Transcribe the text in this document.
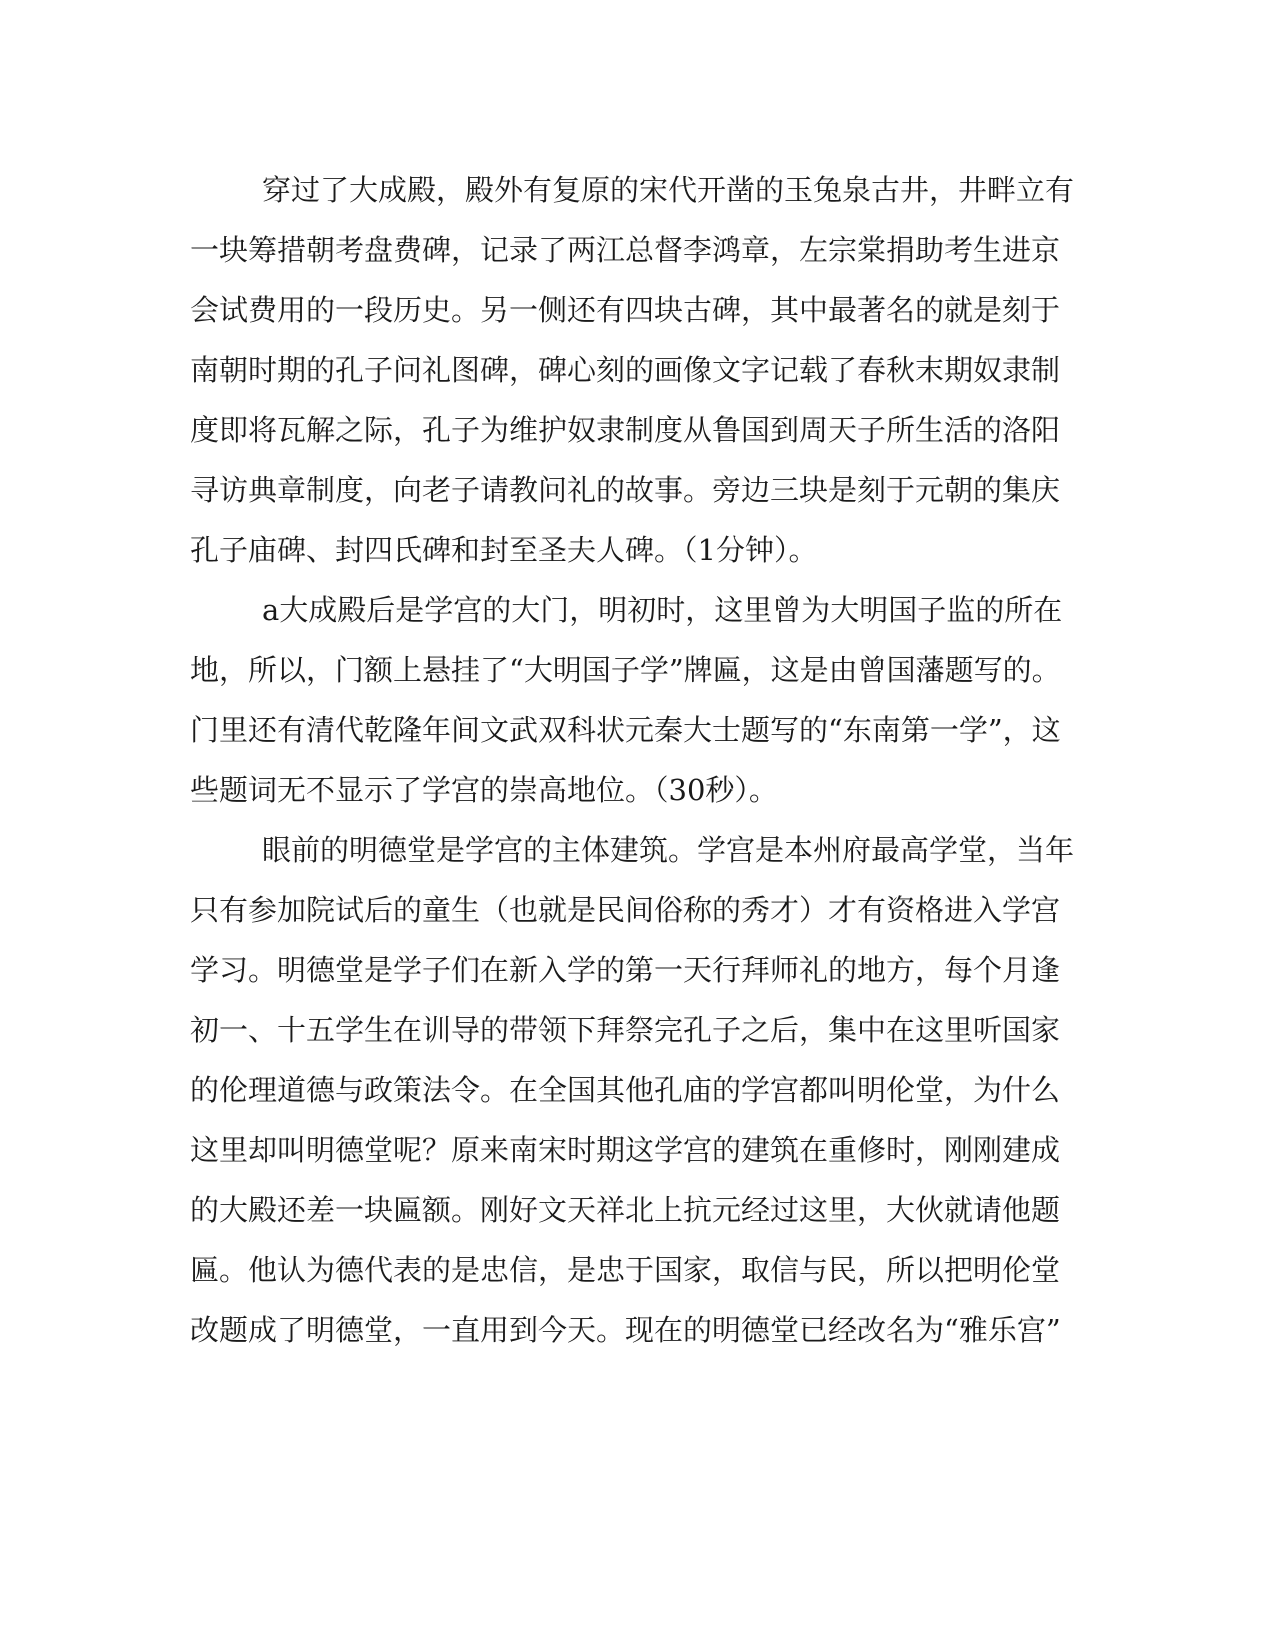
穿过了大成殿，殿外有复原的宋代开凿的玉兔泉古井，井畔立有
一块筹措朝考盘费碑，记录了两江总督李鸿章，左宗棠捐助考生进京
会试费用的一段历史。另一侧还有四块古碑，其中最著名的就是刻于
南朝时期的孔子问礼图碑，碑心刻的画像文字记载了春秋末期奴隶制
度即将瓦解之际，孔子为维护奴隶制度从鲁国到周天子所生活的洛阳
寻访典章制度，向老子请教问礼的故事。旁边三块是刻于元朝的集庆
孔子庙碑、封四氏碑和封至圣夫人碑。（1分钟）。
a大成殿后是学宫的大门，明初时，这里曾为大明国子监的所在
地，所以，门额上悬挂了“大明国子学”牌匾，这是由曾国藩题写的。
门里还有清代乾隆年间文武双科状元秦大士题写的“东南第一学”，这
些题词无不显示了学宫的崇高地位。（30秒）。
眼前的明德堂是学宫的主体建筑。学宫是本州府最高学堂，当年
只有参加院试后的童生（也就是民间俗称的秀才）才有资格进入学宫
学习。明德堂是学子们在新入学的第一天行拜师礼的地方，每个月逢
初一、十五学生在训导的带领下拜祭完孔子之后，集中在这里听国家
的伦理道德与政策法令。在全国其他孔庙的学宫都叫明伦堂，为什么
这里却叫明德堂呢？原来南宋时期这学宫的建筑在重修时，刚刚建成
的大殿还差一块匾额。刚好文天祥北上抗元经过这里，大伙就请他题
匾。他认为德代表的是忠信，是忠于国家，取信与民，所以把明伦堂
改题成了明德堂，一直用到今天。现在的明德堂已经改名为“雅乐宫”
